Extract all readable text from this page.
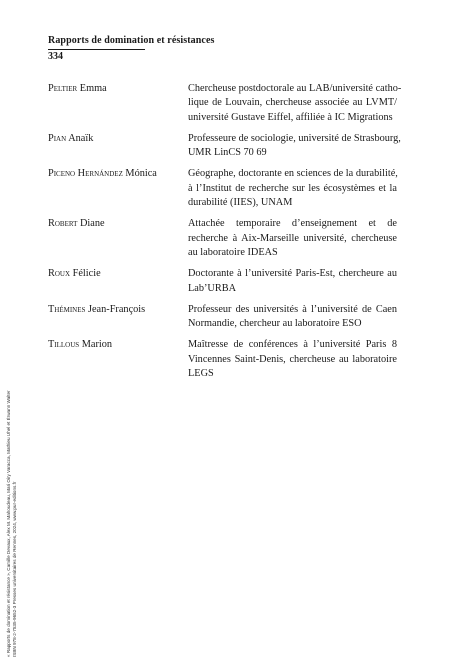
Rapports de domination et résistances
334
Peltier Emma	Chercheuse postdoctorale au LAB/université catho-
lique de Louvain, chercheuse associée au LVMT/
université Gustave Eiffel, affiliée à IC Migrations
Pian Anaïk	Professeure de sociologie, université de Strasbourg,
UMR LinCS 70 69
Piceno Hernández Mónica	Géographe, doctorante en sciences de la durabilité,
à l’Institut de recherche sur les écosystèmes et la
durabilité (IIES), UNAM
Robert Diane	Attachée temporaire d’enseignement et de
recherche à Aix-Marseille université, chercheuse
au laboratoire IDEAS
Roux Félicie	Doctorante à l’université Paris-Est, chercheure au
Lab’URBA
Thémines Jean-François	Professeur des universités à l’université de Caen
Normandie, chercheur au laboratoire ESO
Tillous Marion	Maîtresse de conférences à l’université Paris 8
Vincennes Saint-Denis, chercheuse au laboratoire
LEGS
« Rapports de domination et résistance », Camille Devaux, Alex M. Mahoudeau, Mari Oiry Varacca, Mathieu Uhel et Érwann Walter ISBN 978-2-7535-9652-3 Presses universitaires de Rennes, 2024, www.pur-editions.fr
